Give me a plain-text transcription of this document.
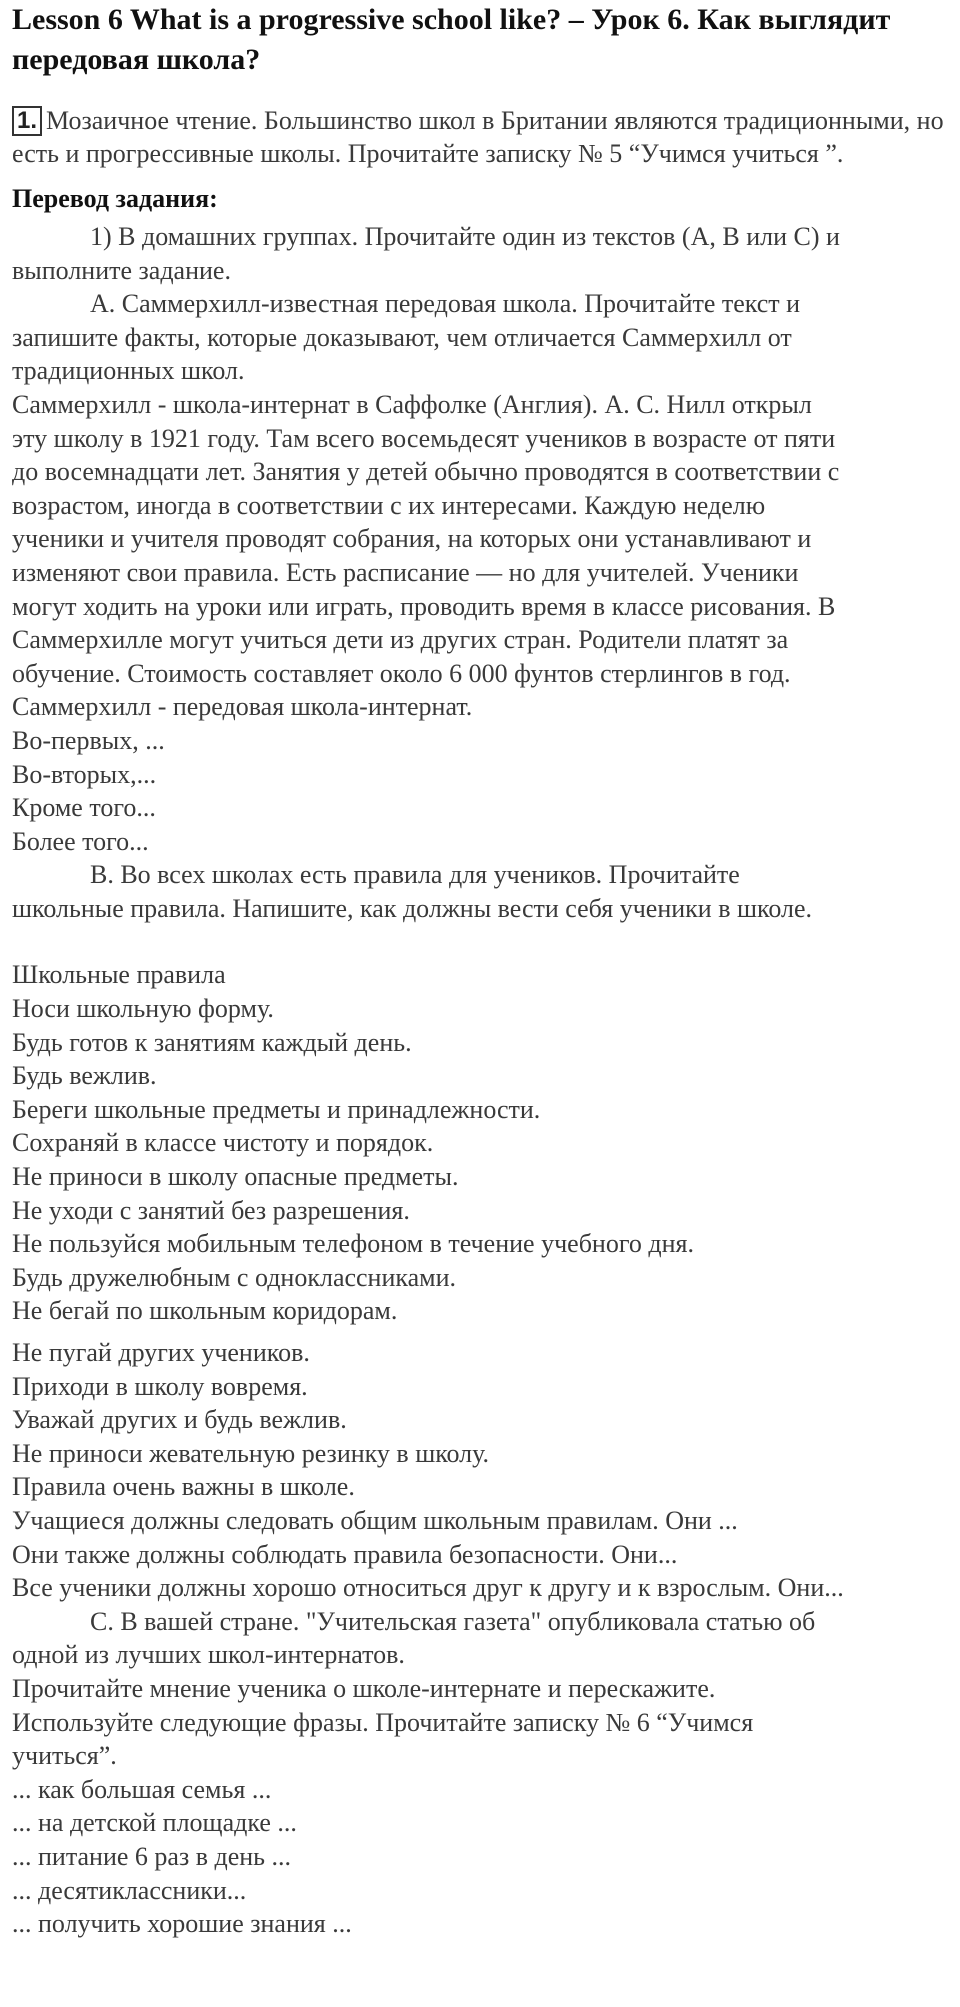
Lesson 6 What is a progressive school like? – Урок 6. Как выглядит передовая школа?
1. Мозаичное чтение. Большинство школ в Британии являются традиционными, но есть и прогрессивные школы. Прочитайте записку № 5 “Учимся учиться ”.
Перевод задания:
1) В домашних группах. Прочитайте один из текстов (А, В или С) и
выполните задание.
A. Саммерхилл-известная передовая школа. Прочитайте текст и
запишите факты, которые доказывают, чем отличается Саммерхилл от
традиционных школ.
Саммерхилл - школа-интернат в Саффолке (Англия). А. С. Нилл открыл
эту школу в 1921 году. Там всего восемьдесят учеников в возрасте от пяти
до восемнадцати лет. Занятия у детей обычно проводятся в соответствии с
возрастом, иногда в соответствии с их интересами. Каждую неделю
ученики и учителя проводят собрания, на которых они устанавливают и
изменяют свои правила. Есть расписание — но для учителей. Ученики
могут ходить на уроки или играть, проводить время в классе рисования. В
Саммерхилле могут учиться дети из других стран. Родители платят за
обучение. Стоимость составляет около 6 000 фунтов стерлингов в год.
Саммерхилл - передовая школа-интернат.
Во-первых, ...
Во-вторых,...
Кроме того...
Более того...
B. Во всех школах есть правила для учеников. Прочитайте
школьные правила. Напишите, как должны вести себя ученики в школе.
Школьные правила
Носи школьную форму.
Будь готов к занятиям каждый день.
Будь вежлив.
Береги школьные предметы и принадлежности.
Сохраняй в классе чистоту и порядок.
Не приноси в школу опасные предметы.
Не уходи с занятий без разрешения.
Не пользуйся мобильным телефоном в течение учебного дня.
Будь дружелюбным с одноклассниками.
Не бегай по школьным коридорам.
Не пугай других учеников.
Приходи в школу вовремя.
Уважай других и будь вежлив.
Не приноси жевательную резинку в школу.
Правила очень важны в школе.
Учащиеся должны следовать общим школьным правилам. Они ...
Они также должны соблюдать правила безопасности. Они...
Все ученики должны хорошо относиться друг к другу и к взрослым. Они...
C. В вашей стране. "Учительская газета" опубликовала статью об
одной из лучших школ-интернатов.
Прочитайте мнение ученика о школе-интернате и перескажите.
Используйте следующие фразы. Прочитайте записку № 6 “Учимся
учиться”.
... как большая семья ...
... на детской площадке ...
... питание 6 раз в день ...
... десятиклассники...
... получить хорошие знания ...
